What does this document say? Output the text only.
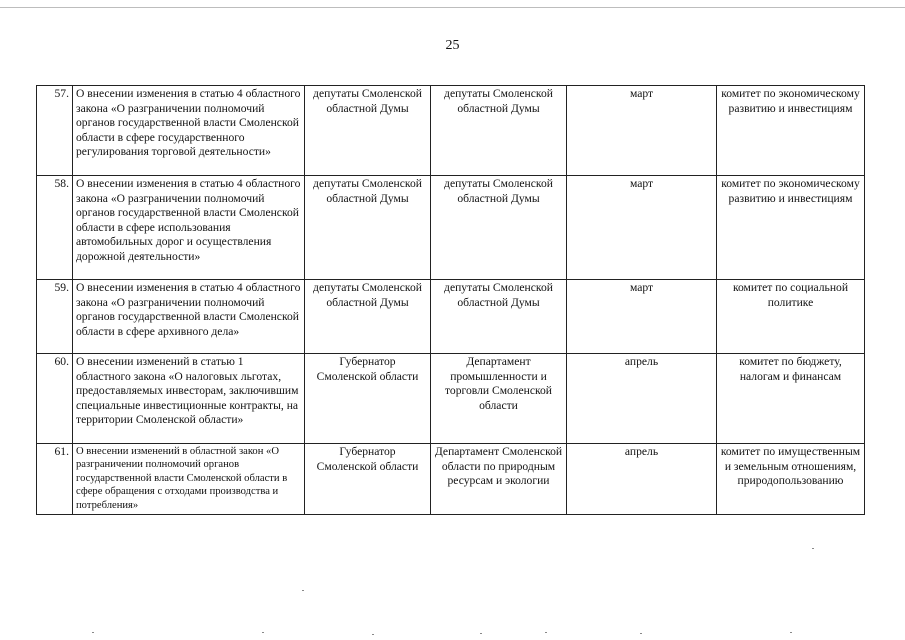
25
57.	О внесении изменения в статью 4 областного закона «О разграничении полномочий органов государственной власти Смоленской области в сфере государственного регулирования торговой деятельности»	депутаты Смоленской областной Думы	депутаты Смоленской областной Думы	март	комитет по экономическому развитию и инвестициям
58.	О внесении изменения в статью 4 областного закона «О разграничении полномочий органов государственной власти Смоленской области в сфере использования автомобильных дорог и осуществления дорожной деятельности»	депутаты Смоленской областной Думы	депутаты Смоленской областной Думы	март	комитет по экономическому развитию и инвестициям
59.	О внесении изменения в статью 4 областного закона «О разграничении полномочий органов государственной власти Смоленской области в сфере архивного дела»	депутаты Смоленской областной Думы	депутаты Смоленской областной Думы	март	комитет по социальной политике
60.	О внесении изменений в статью 1 областного закона «О налоговых льготах, предоставляемых инвесторам, заключившим специальные инвестиционные контракты, на территории Смоленской области»	Губернатор Смоленской области	Департамент промышленности и торговли Смоленской области	апрель	комитет по бюджету, налогам и финансам
61.	О внесении изменений в областной закон «О разграничении полномочий органов государственной власти Смоленской области в сфере обращения с отходами производства и потребления»	Губернатор Смоленской области	Департамент Смоленской области по природным ресурсам и экологии	апрель	комитет по имущественным и земельным отношениям, природопользованию
